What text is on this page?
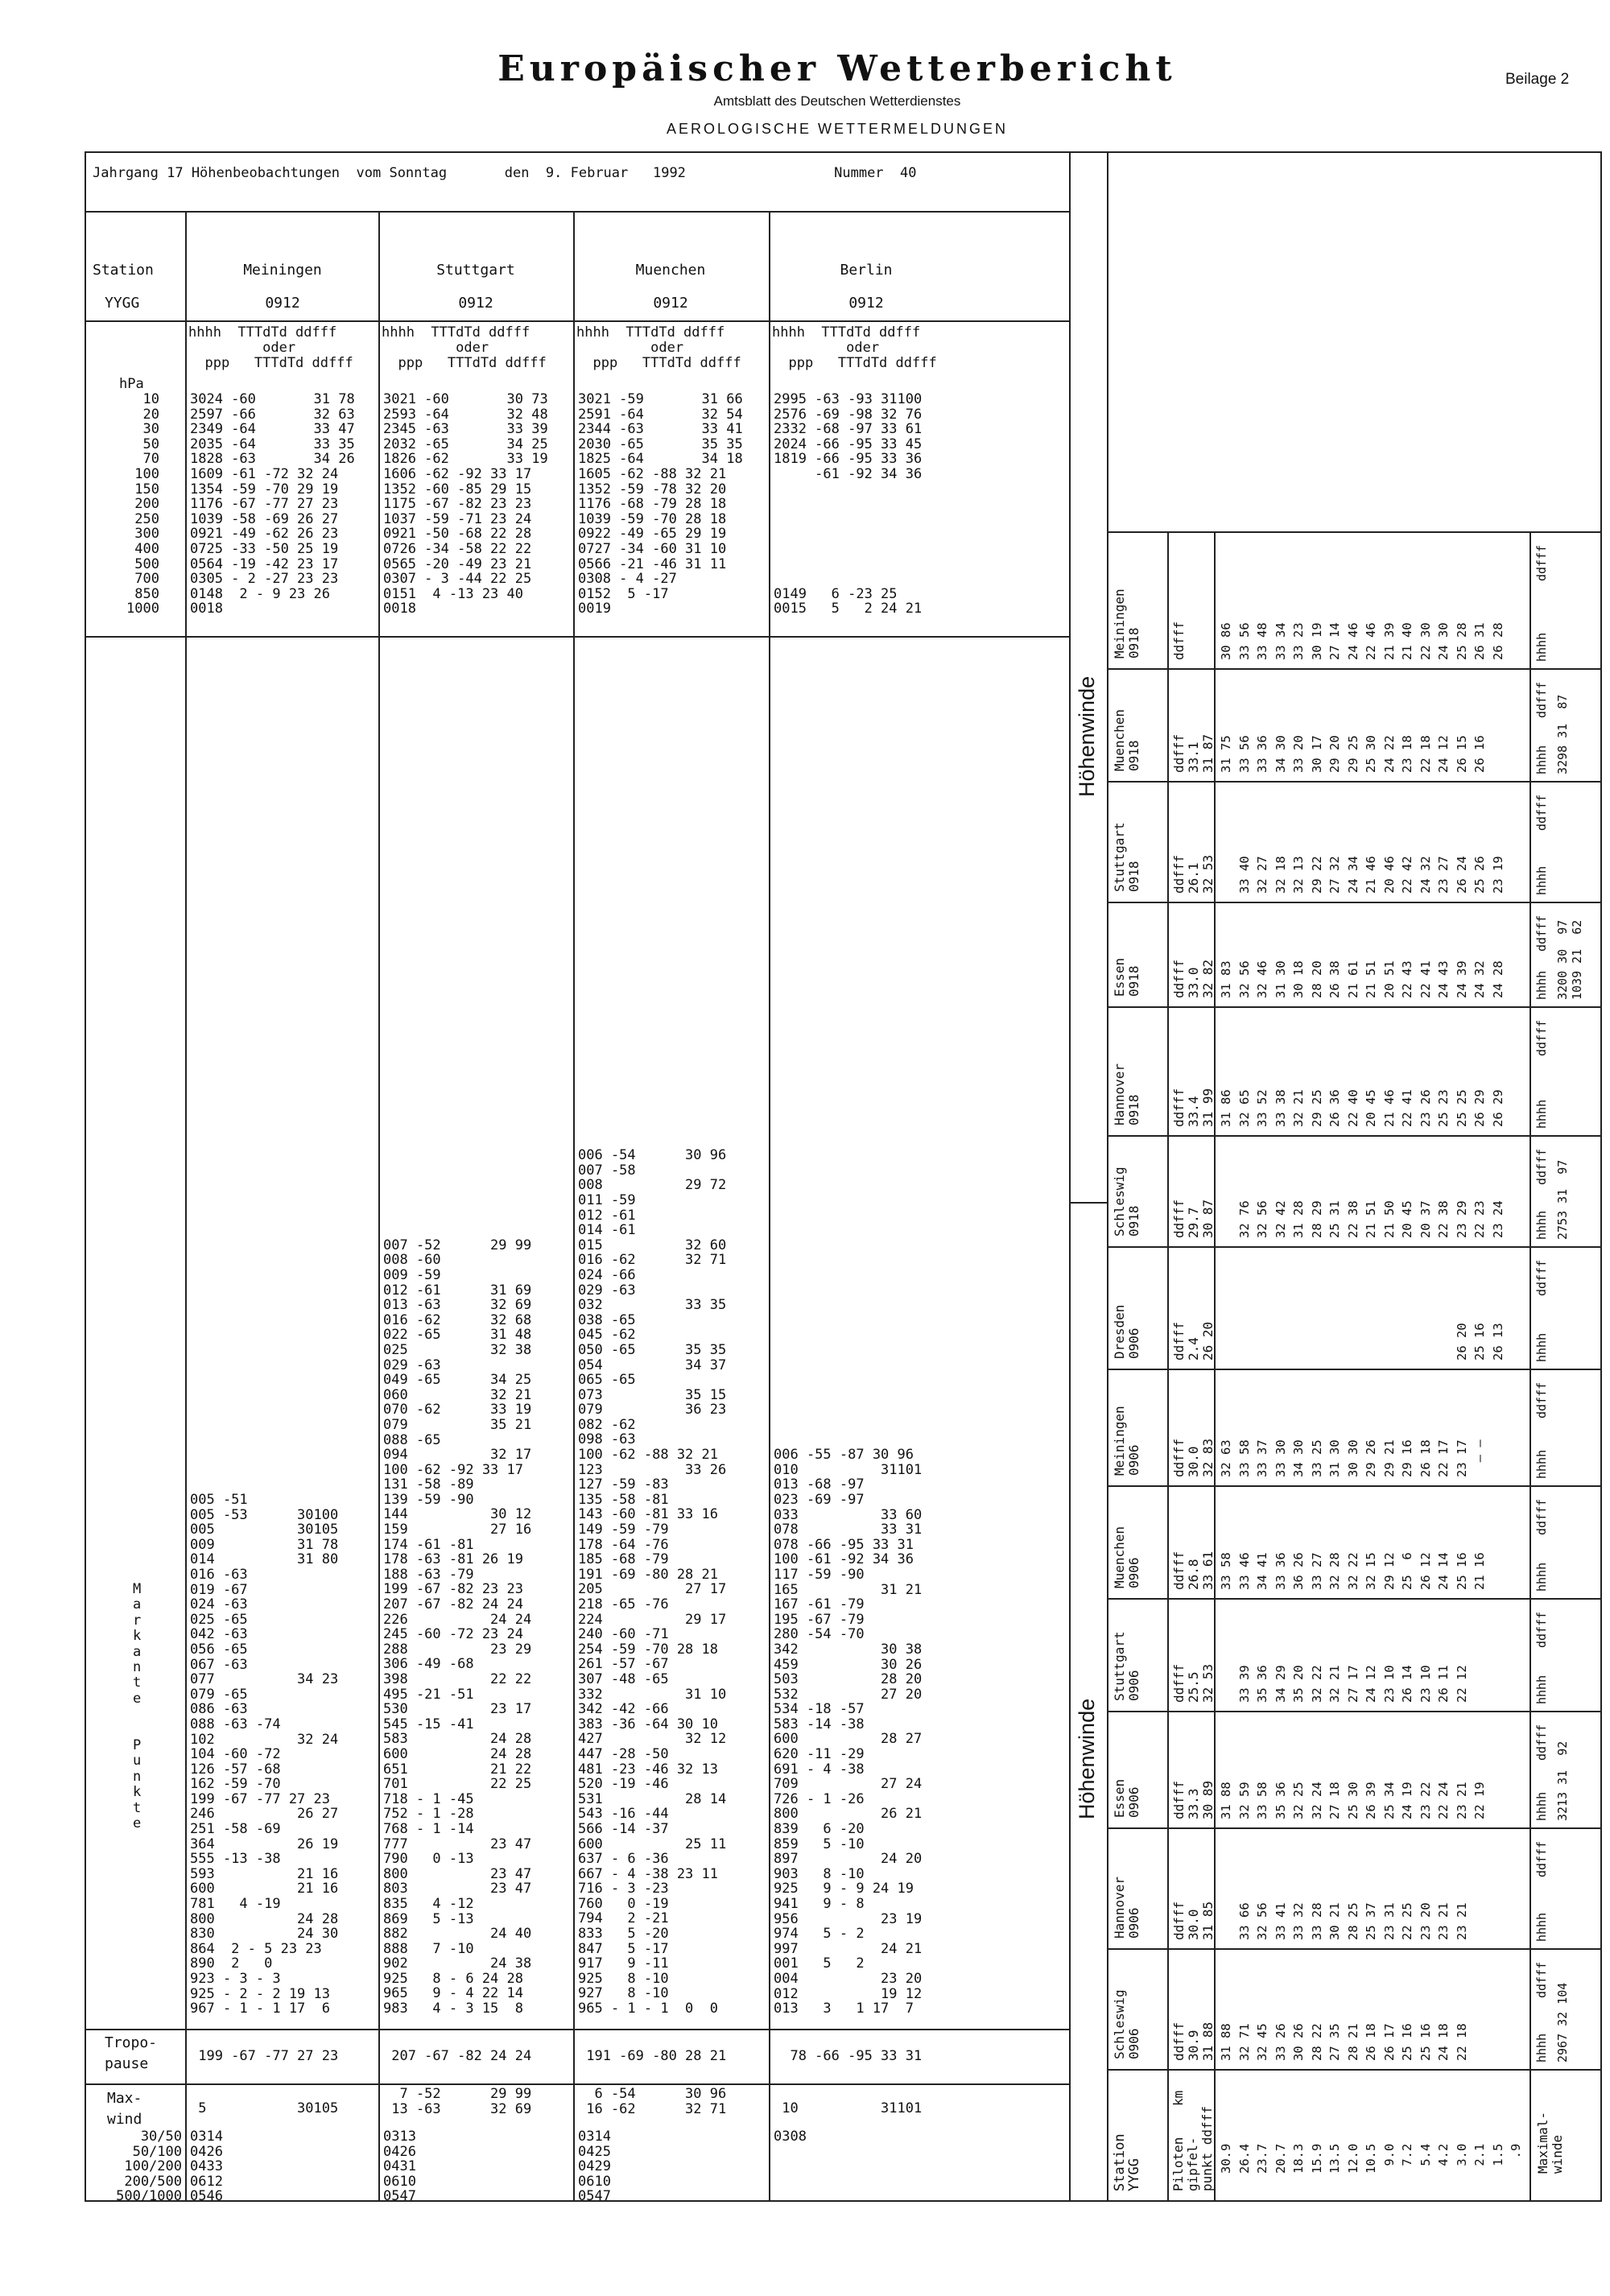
Europäischer Wetterbericht
Amtsblatt des Deutschen Wetterdienstes
AEROLOGISCHE WETTERMELDUNGEN
Beilage 2
Jahrgang 17 Höhenbeobachtungen  vom Sonntag       den  9. Februar   1992                  Nummer  40
Station
YYGG
hPa
10
20
30
50
70
100
150
200
250
300
400
500
700
850
1000
M
a
r
k
a
n
t
e

P
u
n
k
t
e
Tropo-
pause
Max-
wind
30/50
50/100
100/200
200/500
500/1000
Meiningen
0912
hhhh  TTTdTd ddfff
oder
ppp   TTTdTd ddfff
3024 -60       31 78
2597 -66       32 63
2349 -64       33 47
2035 -64       33 35
1828 -63       34 26
1609 -61 -72 32 24
1354 -59 -70 29 19
1176 -67 -77 27 23
1039 -58 -69 26 27
0921 -49 -62 26 23
0725 -33 -50 25 19
0564 -19 -42 23 17
0305 - 2 -27 23 23
0148  2 - 9 23 26
0018
005 -51
005 -53      30100
005          30105
009          31 78
014          31 80
016 -63
019 -67
024 -63
025 -65
042 -63
056 -65
067 -63
077          34 23
079 -65
086 -63
088 -63 -74
102          32 24
104 -60 -72
126 -57 -68
162 -59 -70
199 -67 -77 27 23
246          26 27
251 -58 -69
364          26 19
555 -13 -38
593          21 16
600          21 16
781   4 -19
800          24 28
830          24 30
864  2 - 5 23 23
890  2   0
923 - 3 - 3
925 - 2 - 2 19 13
967 - 1 - 1 17  6
199 -67 -77 27 23
5           30105
0314
0426
0433
0612
0546
Stuttgart
0912
hhhh  TTTdTd ddfff
oder
ppp   TTTdTd ddfff
3021 -60       30 73
2593 -64       32 48
2345 -63       33 39
2032 -65       34 25
1826 -62       33 19
1606 -62 -92 33 17
1352 -60 -85 29 15
1175 -67 -82 23 23
1037 -59 -71 23 24
0921 -50 -68 22 28
0726 -34 -58 22 22
0565 -20 -49 23 21
0307 - 3 -44 22 25
0151  4 -13 23 40
0018
007 -52      29 99
008 -60
009 -59
012 -61      31 69
013 -63      32 69
016 -62      32 68
022 -65      31 48
025          32 38
029 -63
049 -65      34 25
060          32 21
070 -62      33 19
079          35 21
088 -65
094          32 17
100 -62 -92 33 17
131 -58 -89
139 -59 -90
144          30 12
159          27 16
174 -61 -81
178 -63 -81 26 19
188 -63 -79
199 -67 -82 23 23
207 -67 -82 24 24
226          24 24
245 -60 -72 23 24
288          23 29
306 -49 -68
398          22 22
495 -21 -51
530          23 17
545 -15 -41
583          24 28
600          24 28
651          21 22
701          22 25
718 - 1 -45
752 - 1 -28
768 - 1 -14
777          23 47
790   0 -13
800          23 47
803          23 47
835   4 -12
869   5 -13
882          24 40
888   7 -10
902          24 38
925   8 - 6 24 28
965   9 - 4 22 14
983   4 - 3 15  8
207 -67 -82 24 24
7 -52      29 99
13 -63      32 69
0313
0426
0431
0610
0547
Muenchen
0912
hhhh  TTTdTd ddfff
oder
ppp   TTTdTd ddfff
3021 -59       31 66
2591 -64       32 54
2344 -63       33 41
2030 -65       35 35
1825 -64       34 18
1605 -62 -88 32 21
1352 -59 -78 32 20
1176 -68 -79 28 18
1039 -59 -70 28 18
0922 -49 -65 29 19
0727 -34 -60 31 10
0566 -21 -46 31 11
0308 - 4 -27
0152  5 -17
0019
006 -54      30 96
007 -58
008          29 72
011 -59
012 -61
014 -61
015          32 60
016 -62      32 71
024 -66
029 -63
032          33 35
038 -65
045 -62
050 -65      35 35
054          34 37
065 -65
073          35 15
079          36 23
082 -62
098 -63
100 -62 -88 32 21
123          33 26
127 -59 -83
135 -58 -81
143 -60 -81 33 16
149 -59 -79
178 -64 -76
185 -68 -79
191 -69 -80 28 21
205          27 17
218 -65 -76
224          29 17
240 -60 -71
254 -59 -70 28 18
261 -57 -67
307 -48 -65
332          31 10
342 -42 -66
383 -36 -64 30 10
427          32 12
447 -28 -50
481 -23 -46 32 13
520 -19 -46
531          28 14
543 -16 -44
566 -14 -37
600          25 11
637 - 6 -36
667 - 4 -38 23 11
716 - 3 -23
760   0 -19
794   2 -21
833   5 -20
847   5 -17
917   9 -11
925   8 -10
927   8 -10
965 - 1 - 1  0  0
191 -69 -80 28 21
6 -54      30 96
16 -62      32 71
0314
0425
0429
0610
0547
Berlin
0912
hhhh  TTTdTd ddfff
oder
ppp   TTTdTd ddfff
2995 -63 -93 31100
2576 -69 -98 32 76
2332 -68 -97 33 61
2024 -66 -95 33 45
1819 -66 -95 33 36
-61 -92 34 36

0149   6 -23 25
0015   5   2 24 21
006 -55 -87 30 96
010          31101
013 -68 -97
023 -69 -97
033          33 60
078          33 31
078 -66 -95 33 31
100 -61 -92 34 36
117 -59 -90
165          31 21
167 -61 -79
195 -67 -79
280 -54 -70
342          30 38
459          30 26
503          28 20
532          27 20
534 -18 -57
583 -14 -38
600          28 27
620 -11 -29
691 - 4 -38
709          27 24
726 - 1 -26
800          26 21
839   6 -20
859   5 -10
897          24 20
903   8 -10
925   9 - 9 24 19
941   9 - 8
956          23 19
974   5 - 2
997          24 21
001   5   2
004          23 20
012          19 12
013   3   1 17  7
78 -66 -95 33 31
10          31101
0308
Höhenwinde
Höhenwinde
Meiningen
0918 ddfff	30 86
33 56
33 48
33 34
33 23
30 19
27 14
24 46
22 46
21 39
21 40
22 30
24 30
25 28
26 31
26 28
hhhh
ddfff
Muenchen
0918 ddfff
33.1
31 87
31 75
33 56
33 36
34 30
33 20
30 17
29 20
29 25
25 30
24 22
23 18
22 18
24 12
26 15
26 16
hhhh
ddfff 3298 31  87
Stuttgart
0918 ddfff
26.1
32 53

33 40
32 27
32 18
32 13
29 22
27 32
24 34
21 46
20 46
22 42
24 32
23 27
26 24
25 26
23 19
hhhh
ddfff
Essen
0918 ddfff
33.0
32 82
31 83
32 56
32 46
31 30
30 18
28 20
26 38
21 61
21 51
20 51
22 43
22 41
24 43
24 39
24 32
24 28
hhhh
ddfff
3200 30  97
1039 21  62
Hannover
0918 ddfff
33.4
31 99
31 86
32 65
33 52
33 38
32 21
29 25
26 36
22 40
20 45
21 46
22 41
23 26
25 23
25 25
26 29
26 29
hhhh
ddfff
Schleswig
0918 ddfff
29.7
30 87

32 76
32 56
32 42
31 28
28 29
25 31
22 38
21 51
21 50
20 45
20 37
22 38
23 29
22 23
23 24
hhhh
ddfff 2753 31  97
Dresden
0906 ddfff
2.4
26 20

26 20
25 16
26 13
hhhh
ddfff
Meiningen
0906 ddfff
30.0
32 83
32 63
33 58
33 37
33 30
34 30
33 25
31 30
30 30
29 26
29 21
29 16
26 18
22 17
23 17
— —
hhhh
ddfff
Muenchen
0906 ddfff
26.8
33 61
33 58
33 46
34 41
33 36
36 26
33 27
32 28
32 22
32 15
29 12
25  6
26 12
24 14
25 16
21 16
hhhh
ddfff
Stuttgart
0906 ddfff
25.5
32 53

33 39
35 36
34 29
35 20
32 22
32 21
27 17
24 12
23 10
26 14
23 10
26 11
22 12
hhhh
ddfff
Essen
0906 ddfff
33.3
30 89
31 88
32 59
33 58
35 36
32 25
32 24
27 18
25 30
26 39
25 34
24 19
23 22
22 24
23 21
22 19
hhhh
ddfff 3213 31  92
Hannover
0906 ddfff
30.0
31 85

33 66
32 56
33 41
33 32
33 28
30 21
28 25
25 37
23 31
22 25
23 20
23 21
23 21
hhhh
ddfff
Schleswig
0906 ddfff
30.9
31 88
31 88
32 71
32 45
33 26
30 26
28 22
27 35
28 21
26 18
26 17
25 16
25 16
24 18
22 18
hhhh
ddfff
2967 32 104
Station
YYGG Piloten    km
gipfel-
punkt ddfff
30.9
26.4
23.7
20.7
18.3
15.9
13.5
12.0
10.5
9.0
7.2
5.4
4.2
3.0
2.1
1.5
.9 Maximal-
winde
